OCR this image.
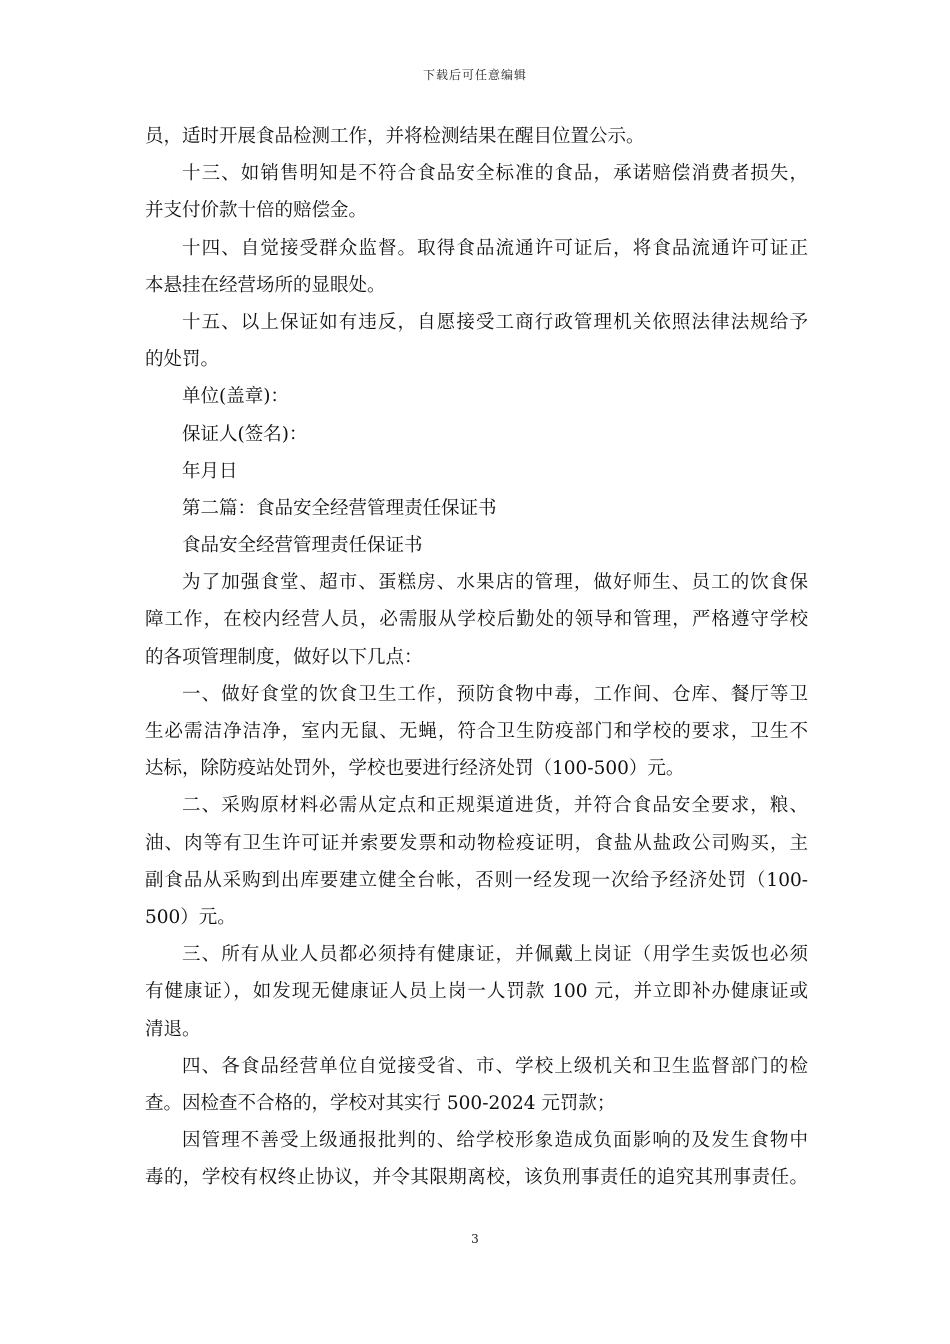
下载后可任意编辑
员，适时开展食品检测工作，并将检测结果在醒目位置公示。
十三、如销售明知是不符合食品安全标准的食品，承诺赔偿消费者损失，
并支付价款十倍的赔偿金。
十四、自觉接受群众监督。取得食品流通许可证后，将食品流通许可证正
本悬挂在经营场所的显眼处。
十五、以上保证如有违反，自愿接受工商行政管理机关依照法律法规给予
的处罚。
单位(盖章)：
保证人(签名)：
年月日
第二篇：食品安全经营管理责任保证书
食品安全经营管理责任保证书
为了加强食堂、超市、蛋糕房、水果店的管理，做好师生、员工的饮食保
障工作，在校内经营人员，必需服从学校后勤处的领导和管理，严格遵守学校
的各项管理制度，做好以下几点：
一、做好食堂的饮食卫生工作，预防食物中毒，工作间、仓库、餐厅等卫
生必需洁净洁净，室内无鼠、无蝇，符合卫生防疫部门和学校的要求，卫生不
达标，除防疫站处罚外，学校也要进行经济处罚（100-500）元。
二、采购原材料必需从定点和正规渠道进货，并符合食品安全要求，粮、
油、肉等有卫生许可证并索要发票和动物检疫证明，食盐从盐政公司购买，主
副食品从采购到出库要建立健全台帐，否则一经发现一次给予经济处罚（100-
500）元。
三、所有从业人员都必须持有健康证，并佩戴上岗证（用学生卖饭也必须
有健康证），如发现无健康证人员上岗一人罚款 100 元，并立即补办健康证或
清退。
四、各食品经营单位自觉接受省、市、学校上级机关和卫生监督部门的检
查。因检查不合格的，学校对其实行 500-2024 元罚款；
因管理不善受上级通报批判的、给学校形象造成负面影响的及发生食物中
毒的，学校有权终止协议，并令其限期离校，该负刑事责任的追究其刑事责任。
3
